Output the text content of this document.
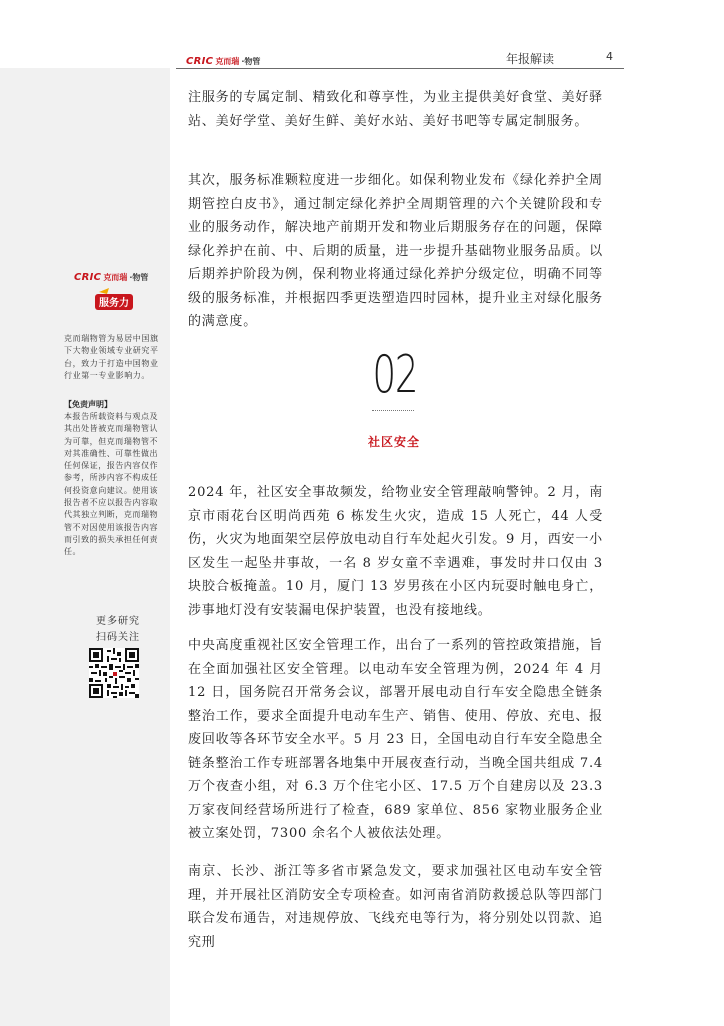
CRIC 克而瑞 ·物管	年报解读	4
CRIC 克而瑞 ·物管
服务力
克而瑞物管为易居中国旗下大物业领域专业研究平台，致力于打造中国物业行业第一专业影响力。
【免责声明】
本报告所载资料与观点及其出处皆被克而瑞物管认为可靠，但克而瑞物管不对其准确性、可靠性做出任何保证，报告内容仅作参考，所涉内容不构成任何投资意向建议。使用该报告者不应以报告内容取代其独立判断，克而瑞物管不对因使用该报告内容而引致的损失承担任何责任。
更多研究
扫码关注

注服务的专属定制、精致化和尊享性，为业主提供美好食堂、美好驿站、美好学堂、美好生鲜、美好水站、美好书吧等专属定制服务。

其次，服务标准颗粒度进一步细化。如保利物业发布《绿化养护全周期管控白皮书》，通过制定绿化养护全周期管理的六个关键阶段和专业的服务动作，解决地产前期开发和物业后期服务存在的问题，保障绿化养护在前、中、后期的质量，进一步提升基础物业服务品质。以后期养护阶段为例，保利物业将通过绿化养护分级定位，明确不同等级的服务标准，并根据四季更迭塑造四时园林，提升业主对绿化服务的满意度。

02
社区安全

2024 年，社区安全事故频发，给物业安全管理敲响警钟。2 月，南京市雨花台区明尚西苑 6 栋发生火灾，造成 15 人死亡，44 人受伤，火灾为地面架空层停放电动自行车处起火引发。9 月，西安一小区发生一起坠井事故，一名 8 岁女童不幸遇难，事发时井口仅由 3 块胶合板掩盖。10 月，厦门 13 岁男孩在小区内玩耍时触电身亡，涉事地灯没有安装漏电保护装置，也没有接地线。

中央高度重视社区安全管理工作，出台了一系列的管控政策措施，旨在全面加强社区安全管理。以电动车安全管理为例，2024 年 4 月 12 日，国务院召开常务会议，部署开展电动自行车安全隐患全链条整治工作，要求全面提升电动车生产、销售、使用、停放、充电、报废回收等各环节安全水平。5 月 23 日，全国电动自行车安全隐患全链条整治工作专班部署各地集中开展夜查行动，当晚全国共组成 7.4 万个夜查小组，对 6.3 万个住宅小区、17.5 万个自建房以及 23.3 万家夜间经营场所进行了检查，689 家单位、856 家物业服务企业被立案处罚，7300 余名个人被依法处理。

南京、长沙、浙江等多省市紧急发文，要求加强社区电动车安全管理，并开展社区消防安全专项检查。如河南省消防救援总队等四部门联合发布通告，对违规停放、飞线充电等行为，将分别处以罚款、追究刑
